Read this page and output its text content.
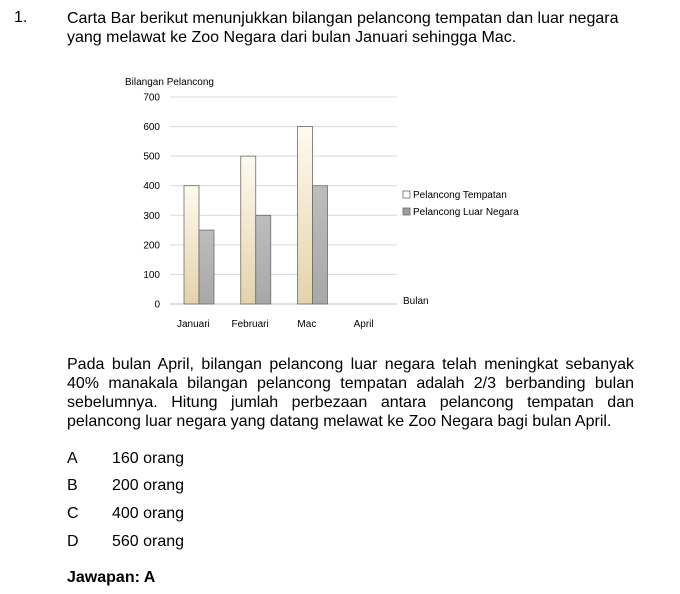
1. Carta Bar berikut menunjukkan bilangan pelancong tempatan dan luar negara yang melawat ke Zoo Negara dari bulan Januari sehingga Mac.
Bilangan Pelancong
Bulan
0
100
200
300
400
500
600
700
Januari Februari	Mac	April
Pelancong Tempatan
Pelancong Luar Negara
Pada bulan April, bilangan pelancong luar negara telah meningkat sebanyak 40% manakala bilangan pelancong tempatan adalah 2/3 berbanding bulan sebelumnya. Hitung jumlah perbezaan antara pelancong tempatan dan pelancong luar negara yang datang melawat ke Zoo Negara bagi bulan April.
A 160 orang
B 200 orang
C 400 orang
D 560 orang
Jawapan: A
